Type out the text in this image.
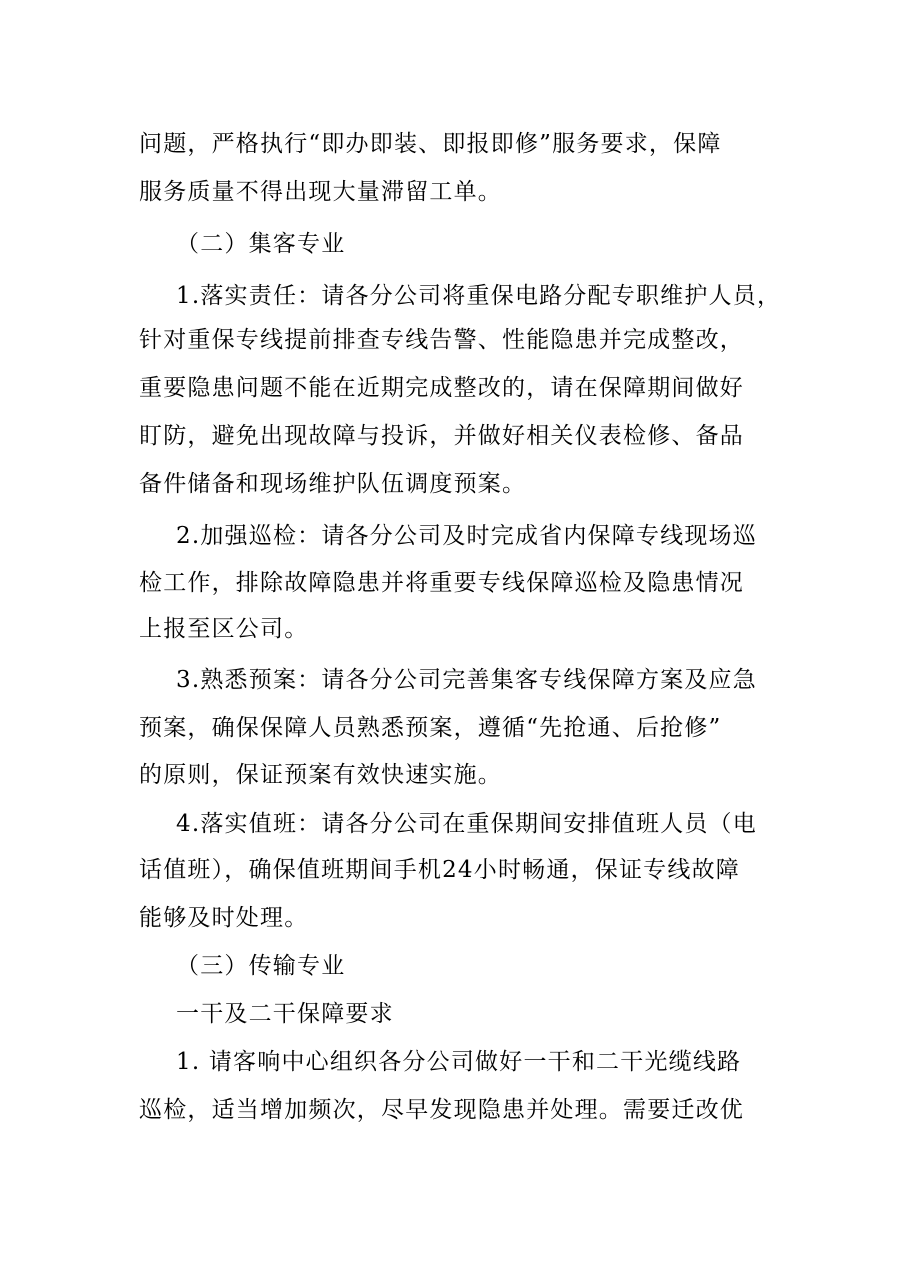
问题，严格执行“即办即装、即报即修”服务要求，保障
服务质量不得出现大量滞留工单。
（二）集客专业
1.落实责任：请各分公司将重保电路分配专职维护人员，
针对重保专线提前排查专线告警、性能隐患并完成整改，
重要隐患问题不能在近期完成整改的，请在保障期间做好
盯防，避免出现故障与投诉，并做好相关仪表检修、备品
备件储备和现场维护队伍调度预案。
2.加强巡检：请各分公司及时完成省内保障专线现场巡
检工作，排除故障隐患并将重要专线保障巡检及隐患情况
上报至区公司。
3.熟悉预案：请各分公司完善集客专线保障方案及应急
预案，确保保障人员熟悉预案，遵循“先抢通、后抢修”
的原则，保证预案有效快速实施。
4.落实值班：请各分公司在重保期间安排值班人员（电
话值班），确保值班期间手机24小时畅通，保证专线故障
能够及时处理。
（三）传输专业
一干及二干保障要求
1. 请客响中心组织各分公司做好一干和二干光缆线路
巡检，适当增加频次，尽早发现隐患并处理。需要迁改优
